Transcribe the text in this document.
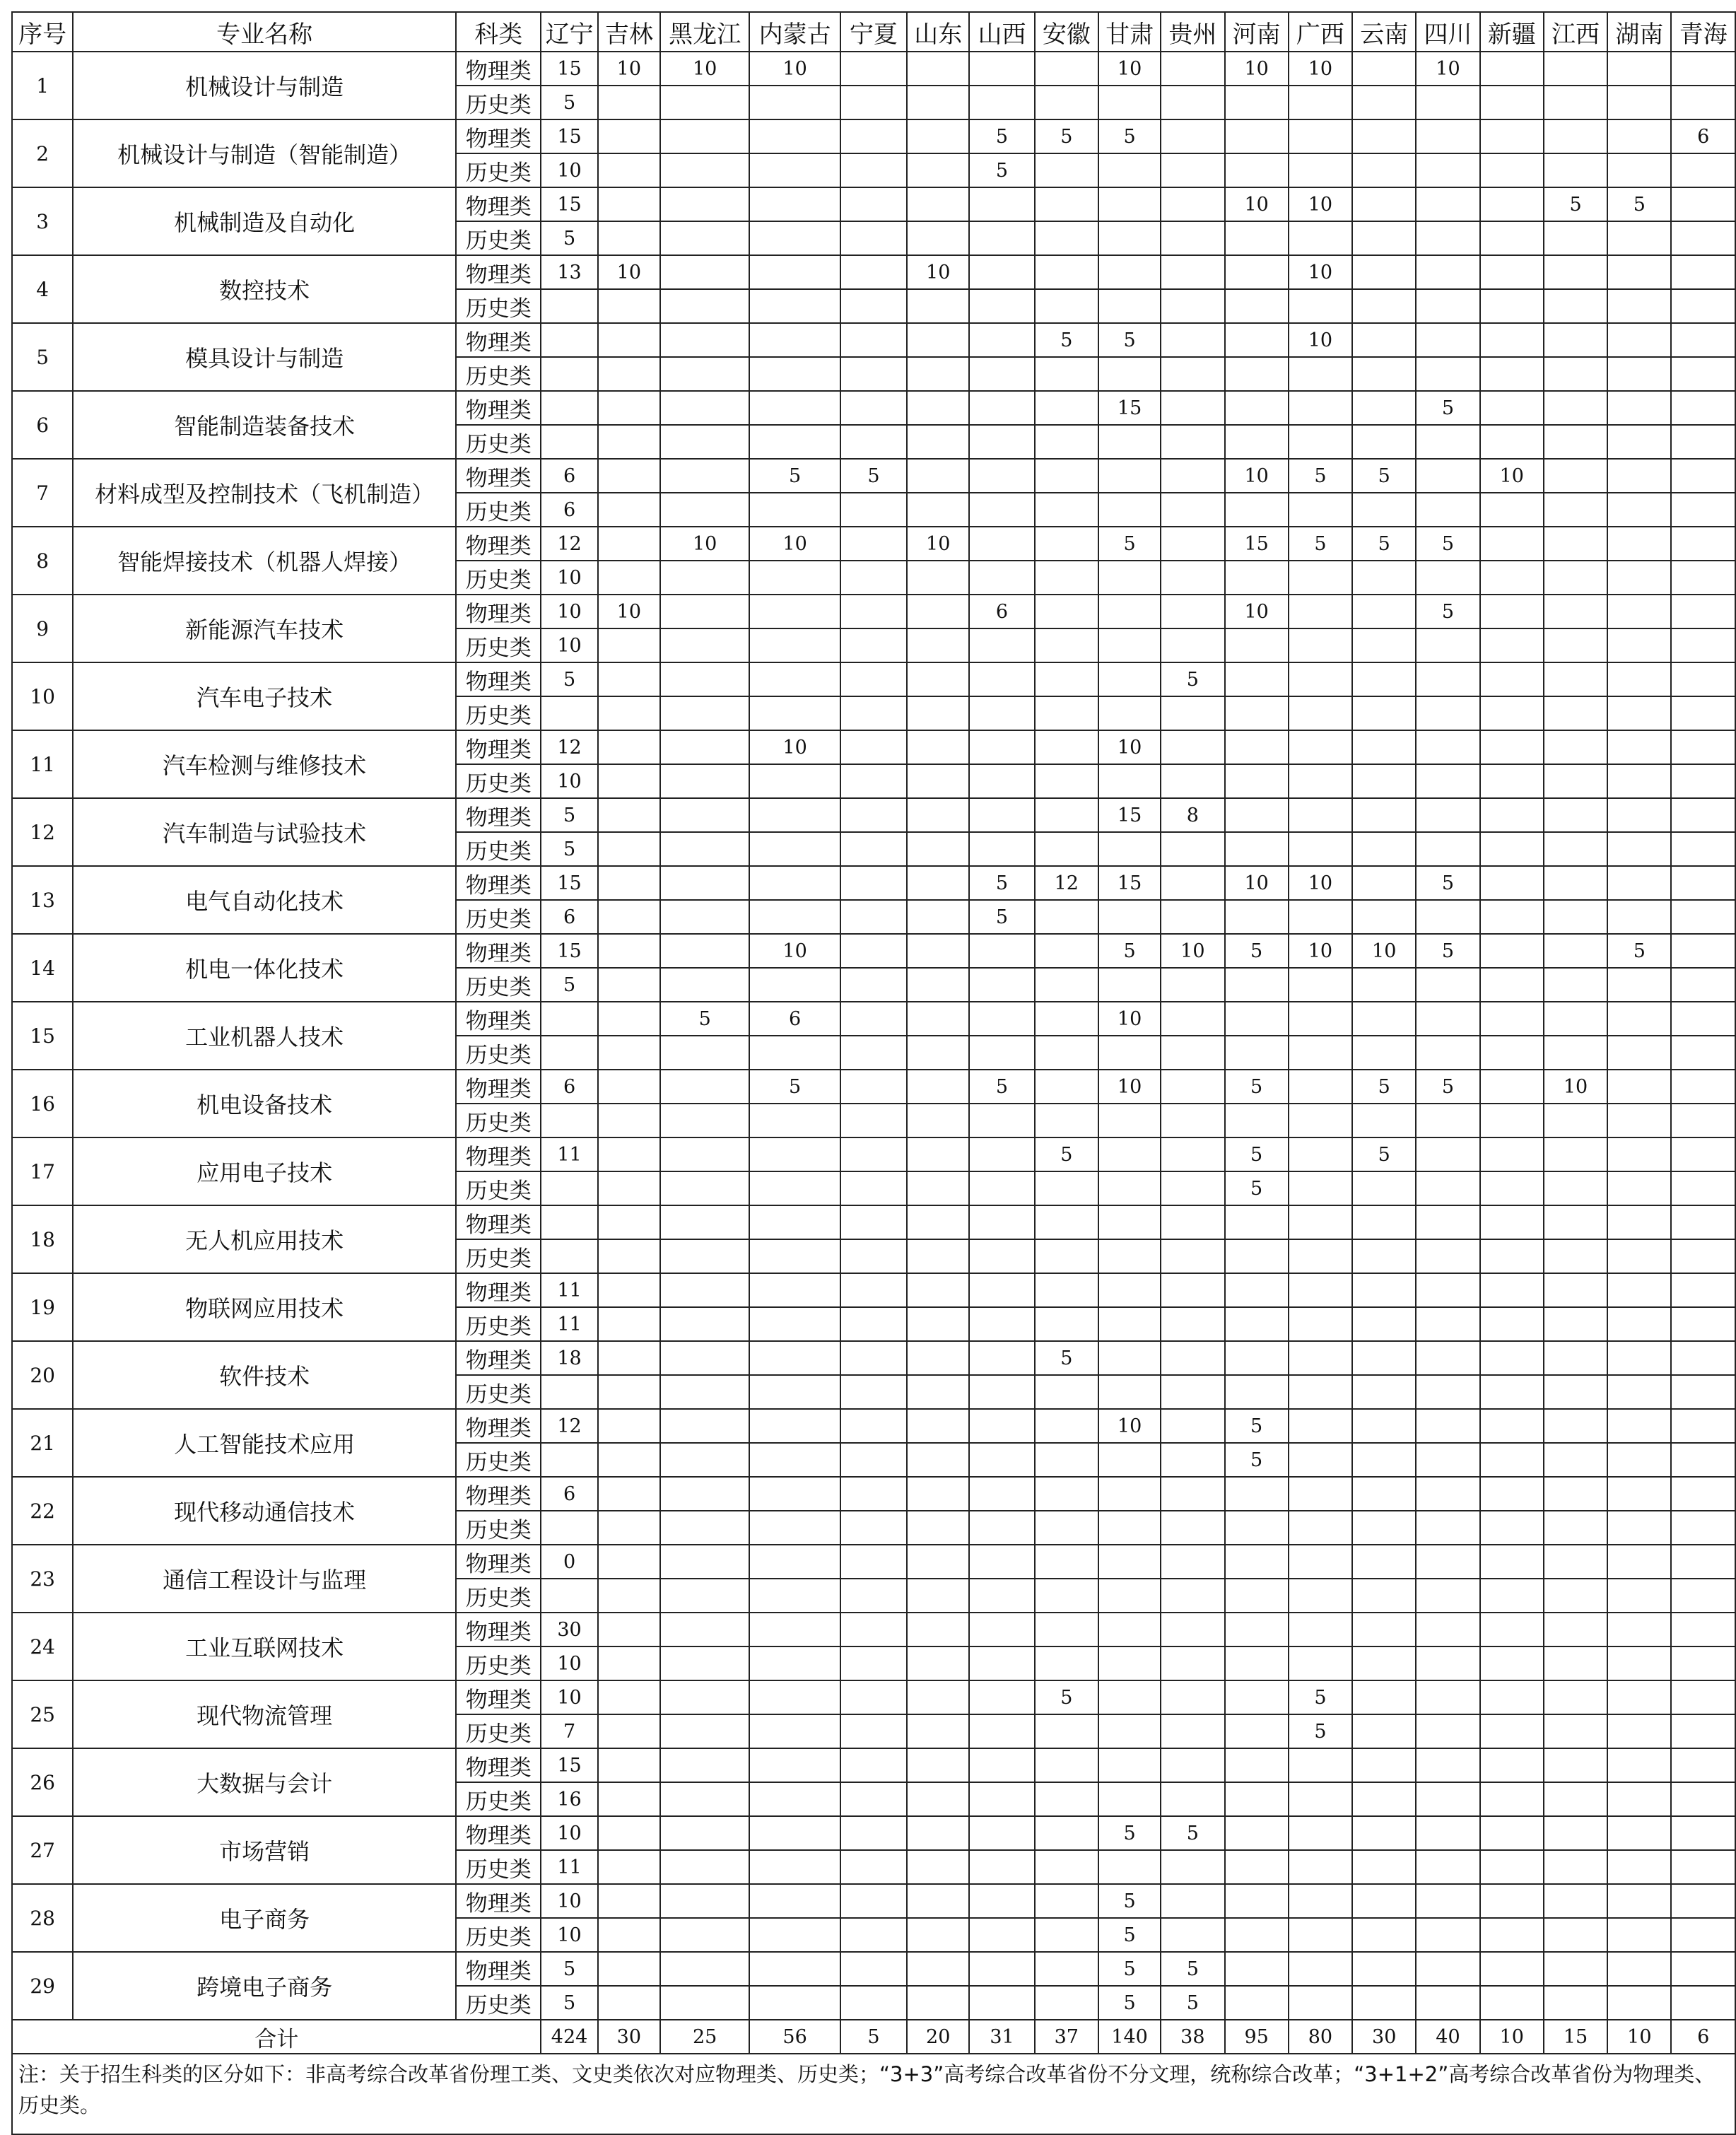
序号	专业名称	科类	辽宁	吉林	黑龙江	内蒙古	宁夏	山东	山西	安徽	甘肃	贵州	河南	广西	云南	四川	新疆	江西	湖南	青海
1	机械设计与制造	物理类	15	10	10	10					10		10	10		10				
		历史类	5																	
2	机械设计与制造（智能制造）	物理类	15						5	5	5									6
		历史类	10						5											
3	机械制造及自动化	物理类	15										10	10				5	5	
		历史类	5																	
4	数控技术	物理类	13	10				10						10						
		历史类																		
5	模具设计与制造	物理类								5	5			10						
		历史类																		
6	智能制造装备技术	物理类									15					5				
		历史类																		
7	材料成型及控制技术（飞机制造）	物理类	6			5	5						10	5	5		10			
		历史类	6																	
8	智能焊接技术（机器人焊接）	物理类	12		10	10		10			5		15	5	5	5				
		历史类	10																	
9	新能源汽车技术	物理类	10	10					6				10			5				
		历史类	10																	
10	汽车电子技术	物理类	5									5								
		历史类																		
11	汽车检测与维修技术	物理类	12			10					10									
		历史类	10																	
12	汽车制造与试验技术	物理类	5								15	8								
		历史类	5																	
13	电气自动化技术	物理类	15						5	12	15		10	10		5				
		历史类	6						5											
14	机电一体化技术	物理类	15			10					5	10	5	10	10	5			5	
		历史类	5																	
15	工业机器人技术	物理类			5	6					10									
		历史类																		
16	机电设备技术	物理类	6			5			5		10		5		5	5		10		
		历史类																		
17	应用电子技术	物理类	11							5			5		5					
		历史类											5							
18	无人机应用技术	物理类																		
		历史类																		
19	物联网应用技术	物理类	11																	
		历史类	11																	
20	软件技术	物理类	18							5										
		历史类																		
21	人工智能技术应用	物理类	12								10		5							
		历史类											5							
22	现代移动通信技术	物理类	6																	
		历史类																		
23	通信工程设计与监理	物理类	0																	
		历史类																		
24	工业互联网技术	物理类	30																	
		历史类	10																	
25	现代物流管理	物理类	10							5				5						
		历史类	7											5						
26	大数据与会计	物理类	15																	
		历史类	16																	
27	市场营销	物理类	10								5	5								
		历史类	11																	
28	电子商务	物理类	10								5									
		历史类	10								5									
29	跨境电子商务	物理类	5								5	5								
		历史类	5								5	5								
合计			424	30	25	56	5	20	31	37	140	38	95	80	30	40	10	15	10	6
注：关于招生科类的区分如下：非高考综合改革省份理工类、文史类依次对应物理类、历史类；“3+3”高考综合改革省份不分文理，统称综合改革；“3+1+2”高考综合改革省份为物理类、历史类。																				
